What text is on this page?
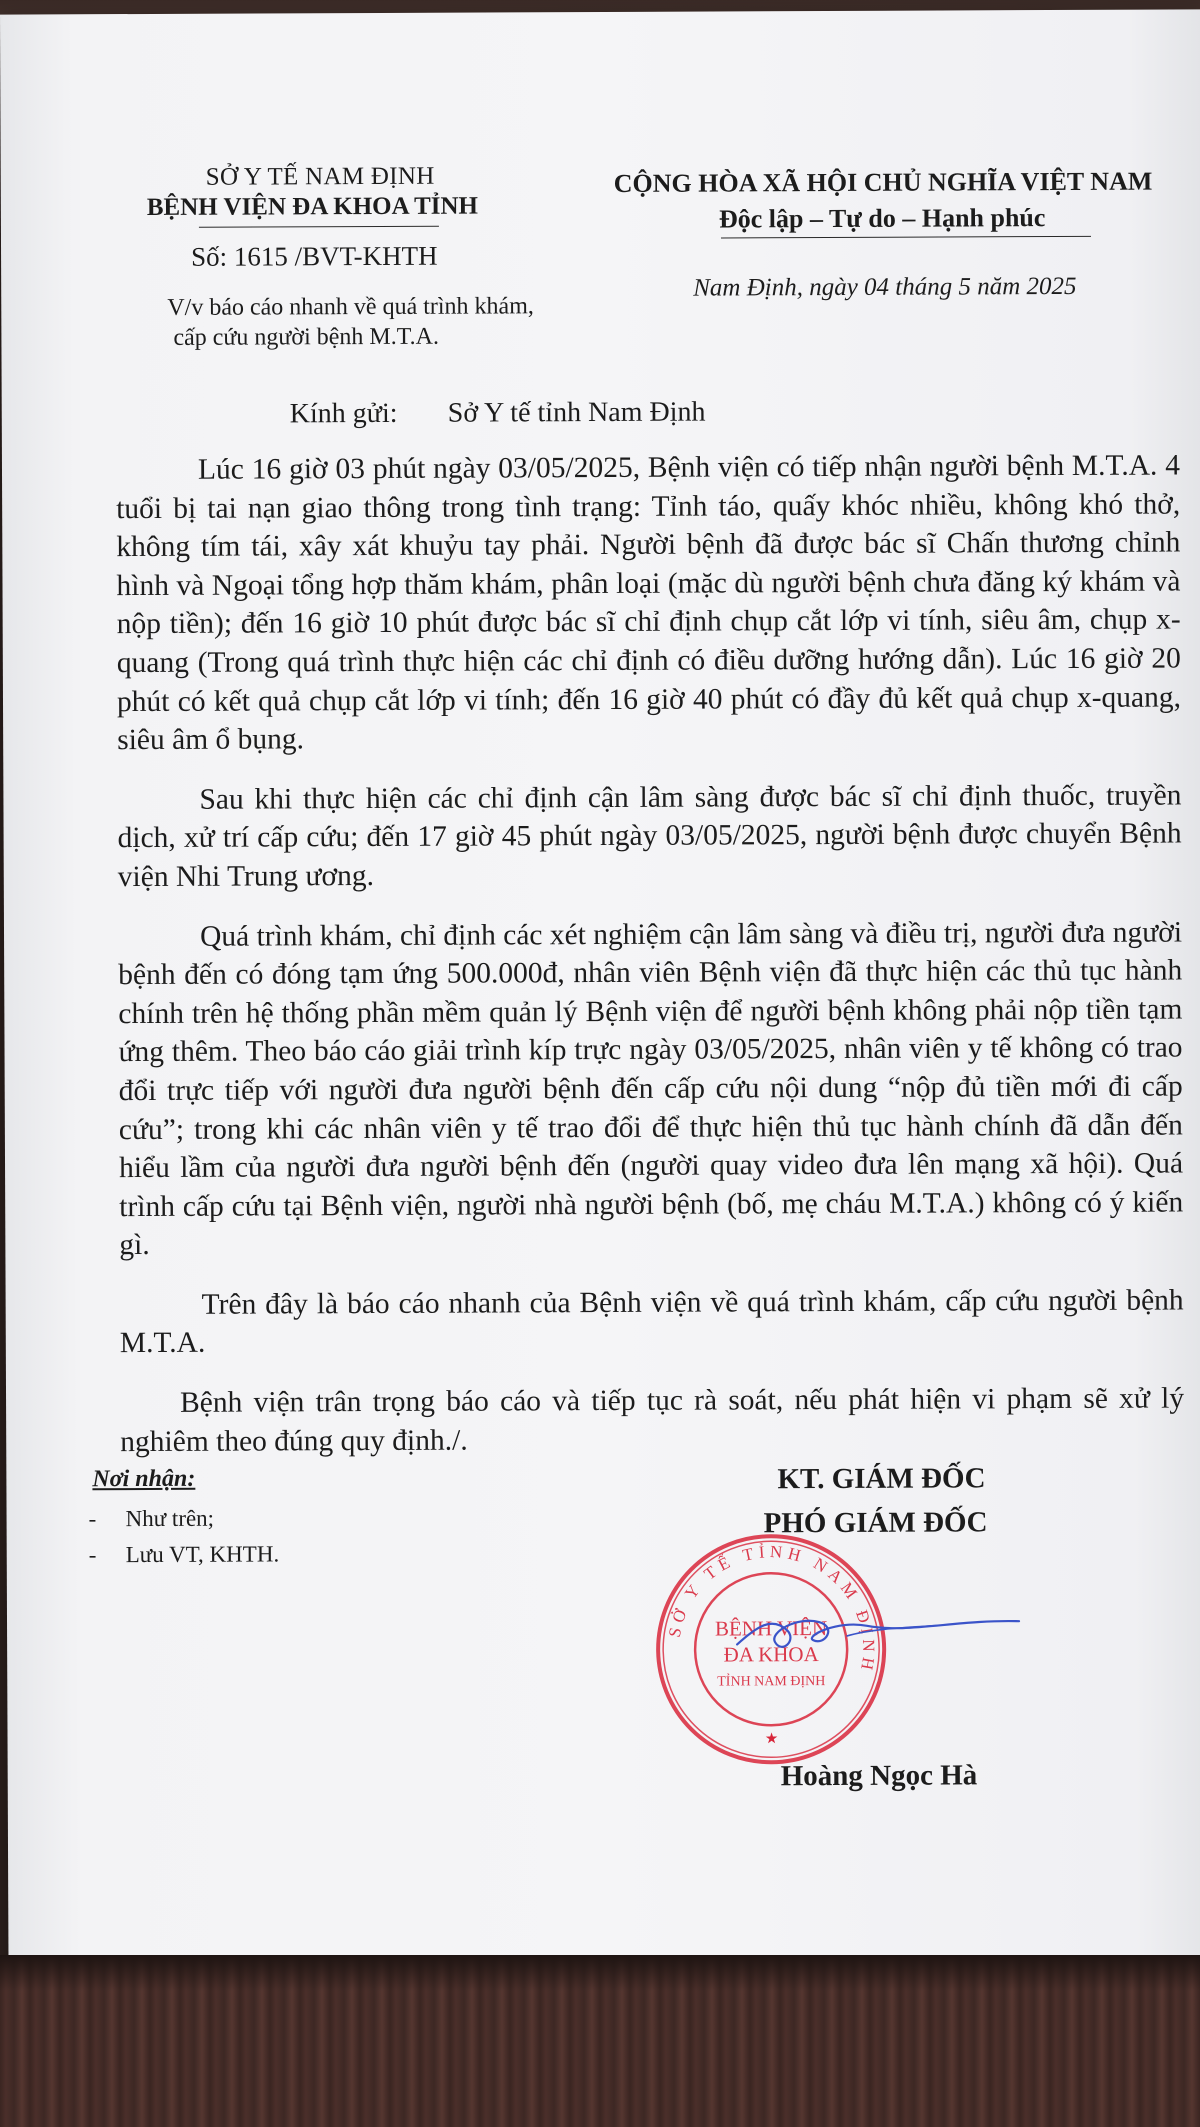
SỞ Y TẾ NAM ĐỊNH
BỆNH VIỆN ĐA KHOA TỈNH
Số: 1615 /BVT-KHTH
V/v báo cáo nhanh về quá trình khám,
cấp cứu người bệnh M.T.A.
CỘNG HÒA XÃ HỘI CHỦ NGHĨA VIỆT NAM
Độc lập – Tự do – Hạnh phúc
Nam Định, ngày 04 tháng 5 năm 2025
Kính gửi: Sở Y tế tỉnh Nam Định

Lúc 16 giờ 03 phút ngày 03/05/2025, Bệnh viện có tiếp nhận người bệnh M.T.A. 4 tuổi bị tai nạn giao thông trong tình trạng: Tỉnh táo, quấy khóc nhiều, không khó thở, không tím tái, xây xát khuỷu tay phải. Người bệnh đã được bác sĩ Chấn thương chỉnh hình và Ngoại tổng hợp thăm khám, phân loại (mặc dù người bệnh chưa đăng ký khám và nộp tiền); đến 16 giờ 10 phút được bác sĩ chỉ định chụp cắt lớp vi tính, siêu âm, chụp x-quang (Trong quá trình thực hiện các chỉ định có điều dưỡng hướng dẫn). Lúc 16 giờ 20 phút có kết quả chụp cắt lớp vi tính; đến 16 giờ 40 phút có đầy đủ kết quả chụp x-quang, siêu âm ổ bụng.

Sau khi thực hiện các chỉ định cận lâm sàng được bác sĩ chỉ định thuốc, truyền dịch, xử trí cấp cứu; đến 17 giờ 45 phút ngày 03/05/2025, người bệnh được chuyển Bệnh viện Nhi Trung ương.

Quá trình khám, chỉ định các xét nghiệm cận lâm sàng và điều trị, người đưa người bệnh đến có đóng tạm ứng 500.000đ, nhân viên Bệnh viện đã thực hiện các thủ tục hành chính trên hệ thống phần mềm quản lý Bệnh viện để người bệnh không phải nộp tiền tạm ứng thêm. Theo báo cáo giải trình kíp trực ngày 03/05/2025, nhân viên y tế không có trao đổi trực tiếp với người đưa người bệnh đến cấp cứu nội dung “nộp đủ tiền mới đi cấp cứu”; trong khi các nhân viên y tế trao đổi để thực hiện thủ tục hành chính đã dẫn đến hiểu lầm của người đưa người bệnh đến (người quay video đưa lên mạng xã hội). Quá trình cấp cứu tại Bệnh viện, người nhà người bệnh (bố, mẹ cháu M.T.A.) không có ý kiến gì.

Trên đây là báo cáo nhanh của Bệnh viện về quá trình khám, cấp cứu người bệnh M.T.A.

Bệnh viện trân trọng báo cáo và tiếp tục rà soát, nếu phát hiện vi phạm sẽ xử lý nghiêm theo đúng quy định./.

Nơi nhận:
- Như trên;
- Lưu VT, KHTH.
KT. GIÁM ĐỐC
PHÓ GIÁM ĐỐC
SỞ Y TẾ TỈNH NAM ĐỊNH
BỆNH VIỆN
ĐA KHOA
TỈNH NAM ĐỊNH
★
Hoàng Ngọc Hà
